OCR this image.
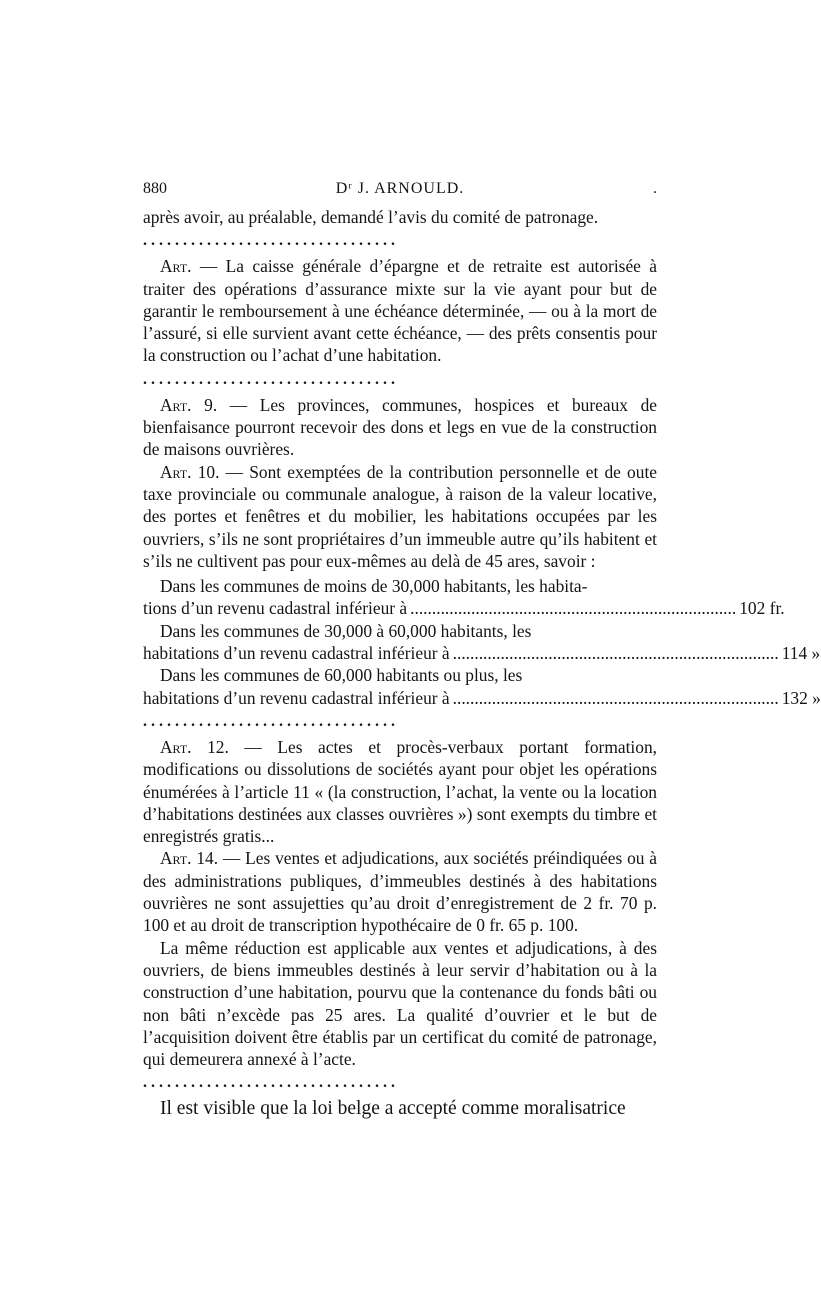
880	Dʳ J. ARNOULD.	.

après avoir, au préalable, demandé l’avis du comité de patronage.

. . . . . . . . . . . . . . . . . . . . . . . . . . . . . . . .

Art. — La caisse générale d’épargne et de retraite est autorisée à traiter des opérations d’assurance mixte sur la vie ayant pour but de garantir le remboursement à une échéance déterminée, — ou à la mort de l’assuré, si elle survient avant cette échéance, — des prêts consentis pour la construction ou l’achat d’une habitation.

. . . . . . . . . . . . . . . . . . . . . . . . . . . . . . . .

Art. 9. — Les provinces, communes, hospices et bureaux de bienfaisance pourront recevoir des dons et legs en vue de la construction de maisons ouvrières.

Art. 10. — Sont exemptées de la contribution personnelle et de oute taxe provinciale ou communale analogue, à raison de la valeur locative, des portes et fenêtres et du mobilier, les habitations occupées par les ouvriers, s’ils ne sont propriétaires d’un immeuble autre qu’ils habitent et s’ils ne cultivent pas pour eux-mêmes au delà de 45 ares, savoir :

Dans les communes de moins de 30,000 habitants, les habita-

tions d’un revenu cadastral inférieur à ........................................................................... 102 fr.

Dans les communes de 30,000 à 60,000 habitants, les

habitations d’un revenu cadastral inférieur à ........................................................................... 114 »

Dans les communes de 60,000 habitants ou plus, les

habitations d’un revenu cadastral inférieur à ........................................................................... 132 »
. . . . . . . . . . . . . . . . . . . . . . . . . . . . . . . .

Art. 12. — Les actes et procès-verbaux portant formation, modifications ou dissolutions de sociétés ayant pour objet les opérations énumérées à l’article 11 « (la construction, l’achat, la vente ou la location d’habitations destinées aux classes ouvrières ») sont exempts du timbre et enregistrés gratis...

Art. 14. — Les ventes et adjudications, aux sociétés préindiquées ou à des administrations publiques, d’immeubles destinés à des habitations ouvrières ne sont assujetties qu’au droit d’enregistrement de 2 fr. 70 p. 100 et au droit de transcription hypothécaire de 0 fr. 65 p. 100.

La même réduction est applicable aux ventes et adjudications, à des ouvriers, de biens immeubles destinés à leur servir d’habitation ou à la construction d’une habitation, pourvu que la contenance du fonds bâti ou non bâti n’excède pas 25 ares. La qualité d’ouvrier et le but de l’acquisition doivent être établis par un certificat du comité de patronage, qui demeurera annexé à l’acte.

. . . . . . . . . . . . . . . . . . . . . . . . . . . . . . . .
Il est visible que la loi belge a accepté comme moralisatrice
